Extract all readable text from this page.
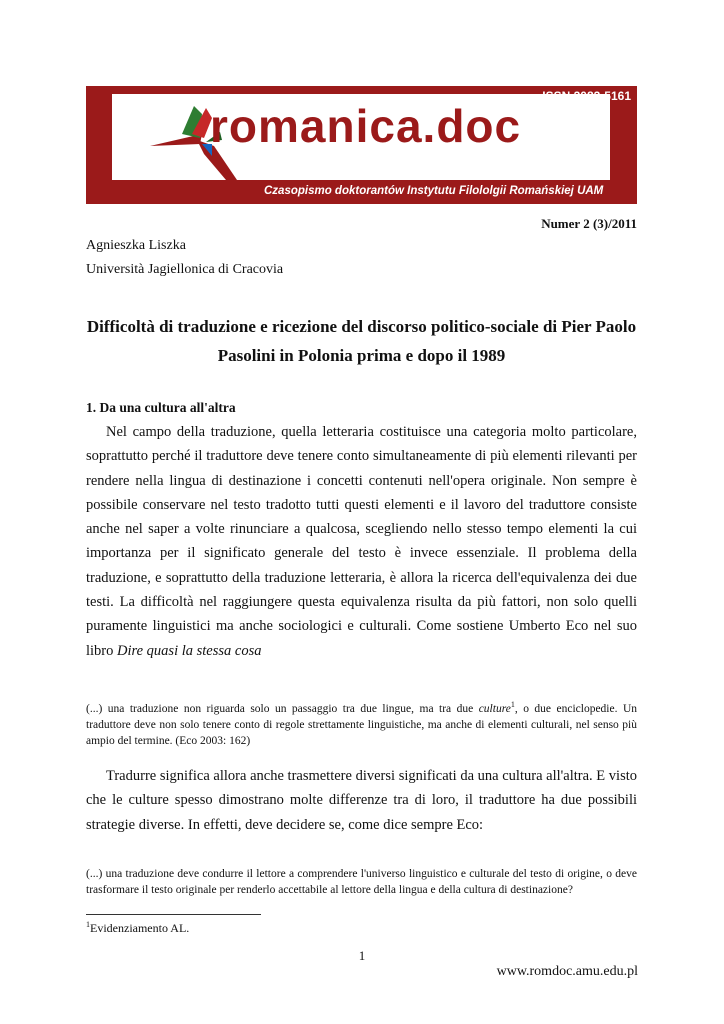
romanica.doc
ISSN 2082-5161
Czasopismo doktorantów Instytutu Filololgii Romańskiej UAM
Numer 2 (3)/2011
Agnieszka Liszka
Università Jagiellonica di Cracovia
Difficoltà di traduzione e ricezione del discorso politico-sociale di Pier Paolo Pasolini in Polonia prima e dopo il 1989
1. Da una cultura all'altra

Nel campo della traduzione, quella letteraria costituisce una categoria molto particolare, soprattutto perché il traduttore deve tenere conto simultaneamente di più elementi rilevanti per rendere nella lingua di destinazione i concetti contenuti nell'opera originale. Non sempre è possibile conservare nel testo tradotto tutti questi elementi e il lavoro del traduttore consiste anche nel saper a volte rinunciare a qualcosa, scegliendo nello stesso tempo elementi la cui importanza per il significato generale del testo è invece essenziale. Il problema della traduzione, e soprattutto della traduzione letteraria, è allora la ricerca dell'equivalenza dei due testi. La difficoltà nel raggiungere questa equivalenza risulta da più fattori, non solo quelli puramente linguistici ma anche sociologici e culturali. Come sostiene Umberto Eco nel suo libro Dire quasi la stessa cosa

(...) una traduzione non riguarda solo un passaggio tra due lingue, ma tra due culture$^1$, o due enciclopedie. Un traduttore deve non solo tenere conto di regole strettamente linguistiche, ma anche di elementi culturali, nel senso più ampio del termine. (Eco 2003: 162)

Tradurre significa allora anche trasmettere diversi significati da una cultura all'altra. E visto che le culture spesso dimostrano molte differenze tra di loro, il traduttore ha due possibili strategie diverse. In effetti, deve decidere se, come dice sempre Eco:

(...) una traduzione deve condurre il lettore a comprendere l'universo linguistico e culturale del testo di origine, o deve trasformare il testo originale per renderlo accettabile al lettore della lingua e della cultura di destinazione?

$^1$Evidenziamento AL.
1
www.romdoc.amu.edu.pl
